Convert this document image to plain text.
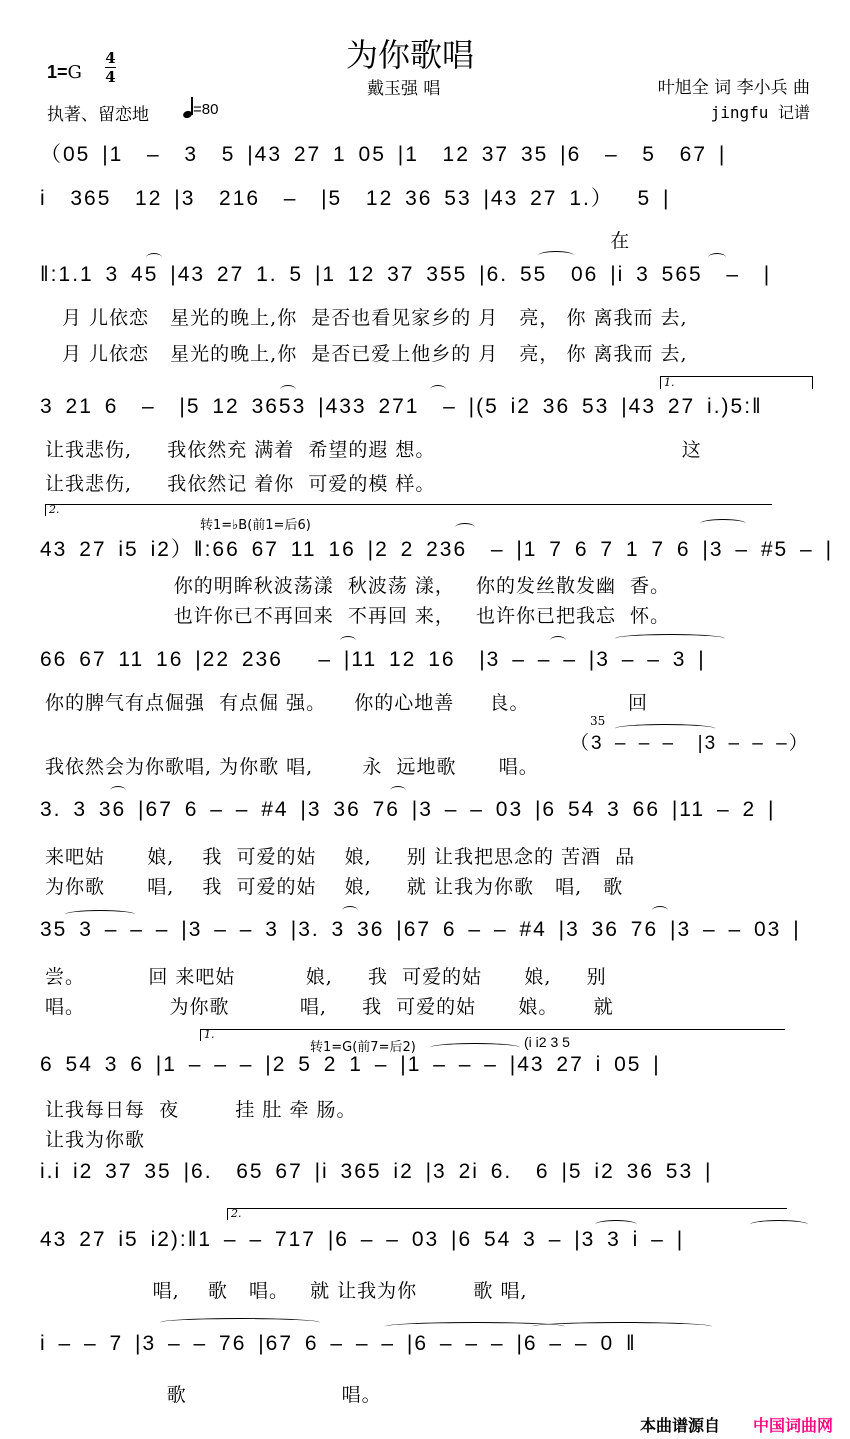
为你歌唱
戴玉强 唱	叶旭全 词 李小兵 曲
jingfu 记谱
1=G
4
4
执著、留恋地	=80
（05 |1  –  3  5 |43 27 1 05 |1  12 37 35 |6  –  5  67 |
i  365  12 |3  216  –  |5  12 36 53 |43 27 1.）  5 |
在
‖:1.1 3 45 |43 27 1. 5 |1 12 37 355 |6. 55  06 |i 3 565  –  |
月 儿依恋   星光的晚上,你  是否也看见家乡的 月   亮， 你 离我而 去,
月 儿依恋   星光的晚上,你  是否已爱上他乡的 月   亮， 你 离我而 去,
1.
3 21 6  –  |5 12 3653 |433 271  – |(5 i2 36 53 |43 27 i.)5:‖
让我悲伤,     我依然充 满着  希望的遐 想。                                   这
让我悲伤,     我依然记 着你  可爱的模 样。
2.
转1=♭B(前1=后6)
43 27 i5 i2）‖:66 67 11 16 |2 2 236  – |1 7 6 7 1 7 6 |3 – #5 – |
你的明眸秋波荡漾  秋波荡 漾，   你的发丝散发幽  香。
也许你已不再回来  不再回 来，   也许你已把我忘  怀。
66 67 11 16 |22 236   – |11 12 16  |3 – – – |3 – – 3 |
你的脾气有点倔强  有点倔 强。    你的心地善     良。              回
35
（3 – – –  |3 – – –）
我依然会为你歌唱, 为你歌 唱,       永  远地歌      唱。
3. 3 36 |67 6 – – #4 |3 36 76 |3 – – 03 |6 54 3 66 |11 – 2 |
来吧姑      娘,    我  可爱的姑    娘,     别 让我把思念的 苦酒  品
为你歌      唱,    我  可爱的姑    娘,     就 让我为你歌   唱,   歌
35 3 – – – |3 – – 3 |3. 3 36 |67 6 – – #4 |3 36 76 |3 – – 03 |
尝。         回 来吧姑          娘,     我  可爱的姑      娘,     别
唱。            为你歌          唱,     我  可爱的姑      娘。     就
1.
转1=G(前7=后2)	(i i2 3 5
6 54 3 6 |1 – – – |2 5 2 1 – |1 – – – |43 27 i 05 |
让我每日每  夜        挂 肚 牵 肠。
让我为你歌
i.i i2 37 35 |6.  65 67 |i 365 i2 |3 2i 6.  6 |5 i2 36 53 |
2.
43 27 i5 i2):‖1 – – 717 |6 – – 03 |6 54 3 – |3 3 i – |
唱,    歌   唱。   就 让我为你        歌 唱,
i – – 7 |3 – – 76 |67 6 – – – |6 – – – |6 – – 0 ‖
歌                      唱。
本曲谱源自 中国词曲网
